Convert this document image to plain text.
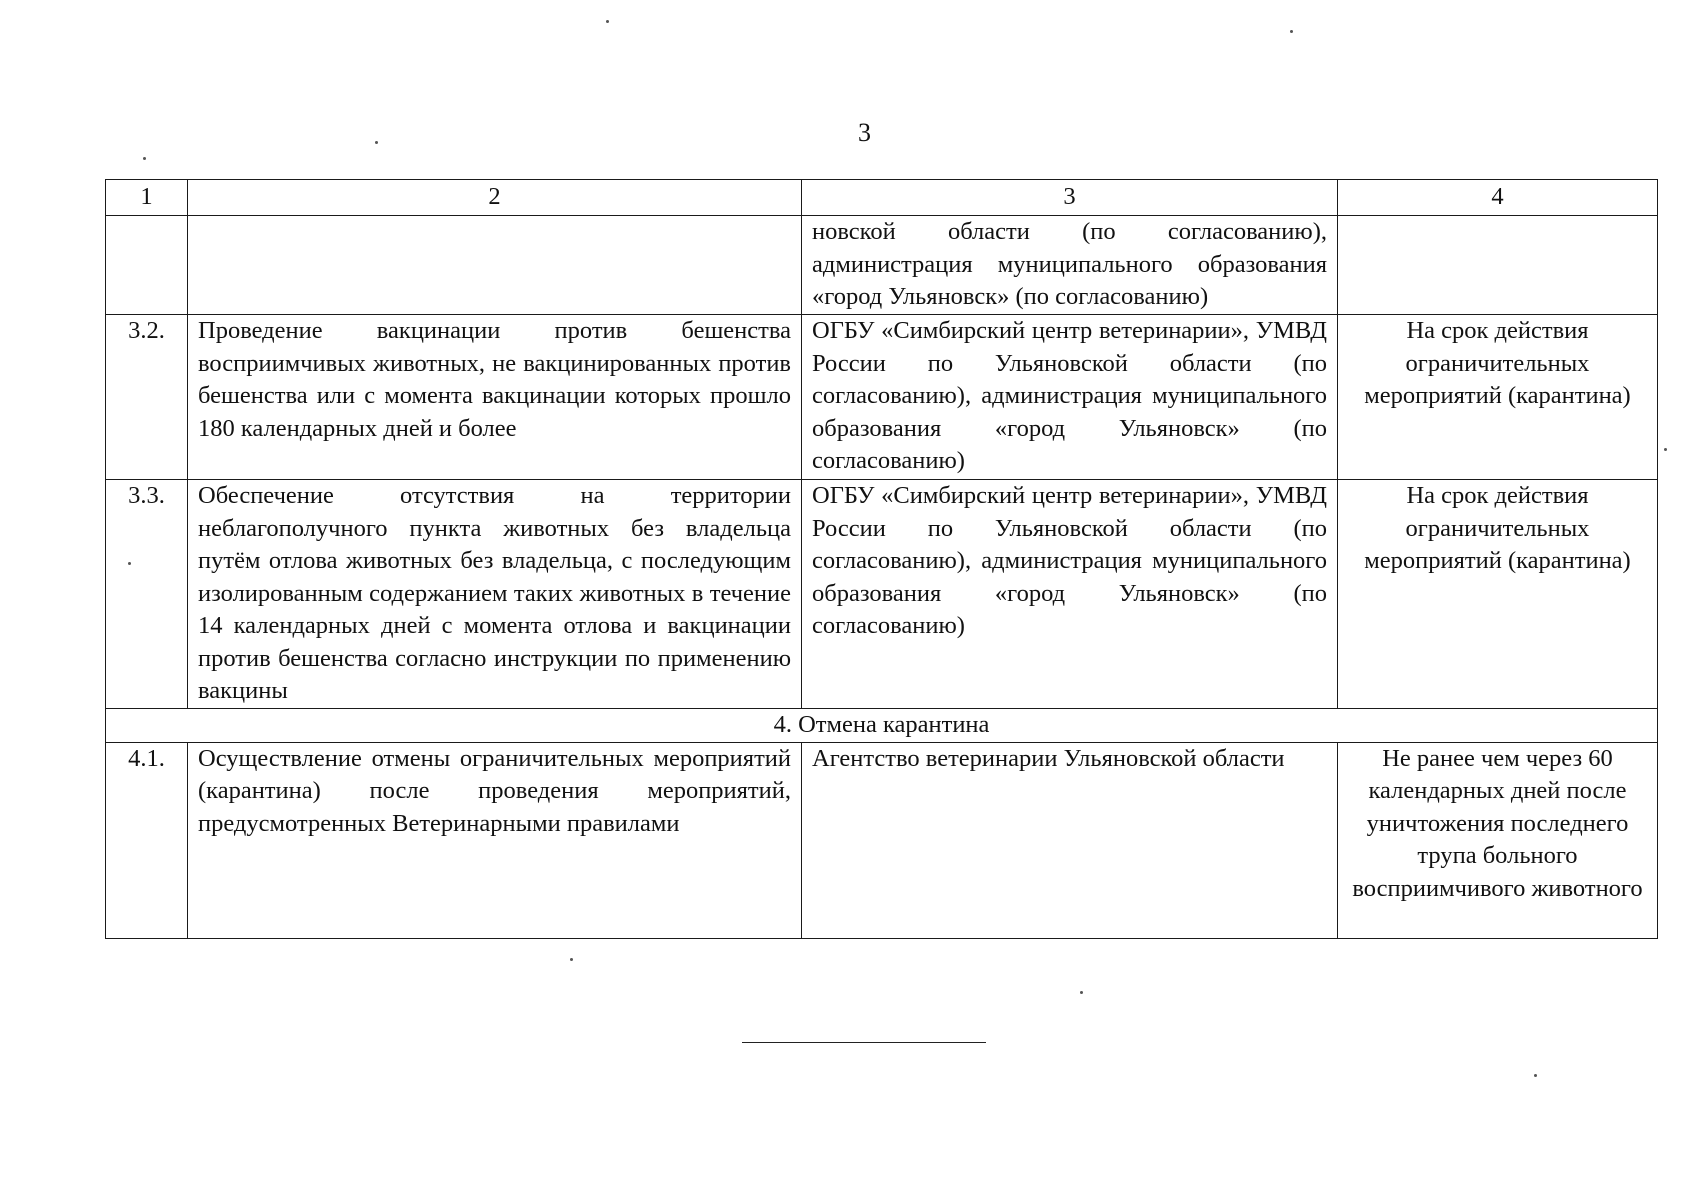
3
1	2	3	4
		новской области (по согласованию), администрация муниципального образования «город Ульяновск» (по согласованию)	
3.2.	Проведение вакцинации против бешенства восприимчивых животных, не вакцинированных против бешенства или с момента вакцинации которых прошло 180 календарных дней и более	ОГБУ «Симбирский центр ветеринарии», УМВД России по Ульяновской области (по согласованию), администрация муниципального образования «город Ульяновск» (по согласованию)	На срок действия ограничительных мероприятий (карантина)
3.3.	Обеспечение отсутствия на территории неблагополучного пункта животных без владельца путём отлова животных без владельца, с последующим изолированным содержанием таких животных в течение 14 календарных дней с момента отлова и вакцинации против бешенства согласно инструкции по применению вакцины	ОГБУ «Симбирский центр ветеринарии», УМВД России по Ульяновской области (по согласованию), администрация муниципального образования «город Ульяновск» (по согласованию)	На срок действия ограничительных мероприятий (карантина)
4. Отмена карантина			
4.1.	Осуществление отмены ограничительных мероприятий (карантина) после проведения мероприятий, предусмотренных Ветеринарными правилами	Агентство ветеринарии Ульяновской области	Не ранее чем через 60 календарных дней после уничтожения последнего трупа больного восприимчивого животного
